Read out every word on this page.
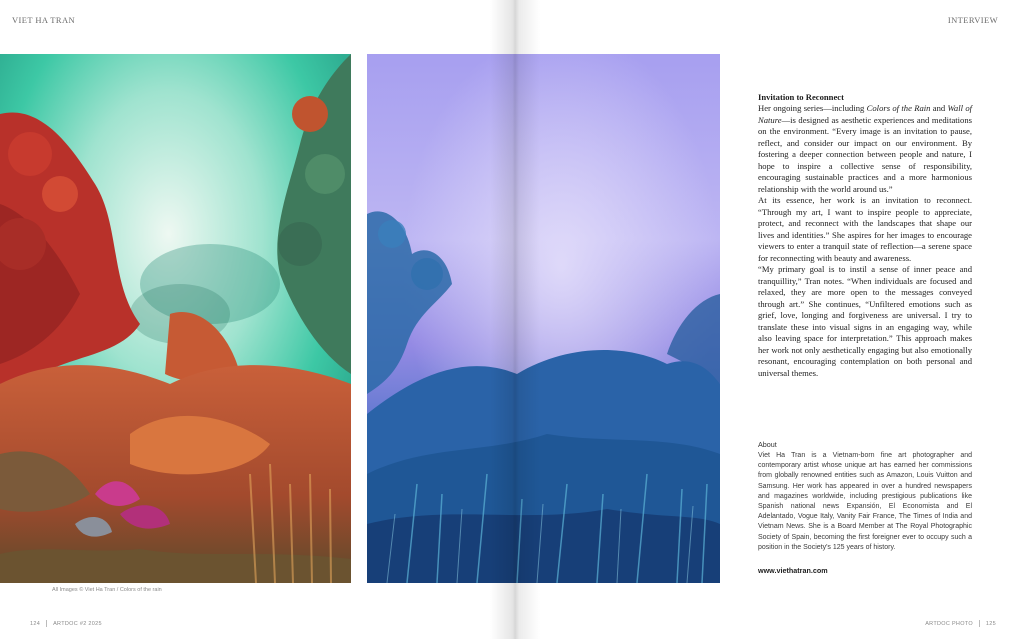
VIET HA TRAN
All Images © Viet Ha Tran / Colors of the rain
124 ARTDOC #2 2025
INTERVIEW
ARTDOC PHOTO 125
Invitation to Reconnect

Her ongoing series—including Colors of the Rain and Wall of Nature—is designed as aesthetic experiences and meditations on the environment. “Every image is an invitation to pause, reflect, and consider our impact on our environment. By fostering a deeper connection between people and nature, I hope to inspire a collective sense of responsibility, encouraging sustainable practices and a more harmonious relationship with the world around us.”

At its essence, her work is an invitation to reconnect. “Through my art, I want to inspire people to appreciate, protect, and reconnect with the landscapes that shape our lives and identities.” She aspires for her images to encourage viewers to enter a tranquil state of reflection—a serene space for reconnecting with beauty and awareness.

“My primary goal is to instil a sense of inner peace and tranquillity,” Tran notes. “When individuals are focused and relaxed, they are more open to the messages conveyed through art.” She continues, “Unfiltered emotions such as grief, love, longing and forgiveness are universal. I try to translate these into visual signs in an engaging way, while also leaving space for interpretation.” This approach makes her work not only aesthetically engaging but also emotionally resonant, encouraging contemplation on both personal and universal themes.

About

Viet Ha Tran is a Vietnam-born fine art photographer and contemporary artist whose unique art has earned her commissions from globally renowned entities such as Amazon, Louis Vuitton and Samsung. Her work has appeared in over a hundred newspapers and magazines worldwide, including prestigious publications like Spanish national news Expansión, El Economista and El Adelantado, Vogue Italy, Vanity Fair France, The Times of India and Vietnam News. She is a Board Member at The Royal Photographic Society of Spain, becoming the first foreigner ever to occupy such a position in the Society's 125 years of history.

www.viethatran.com
